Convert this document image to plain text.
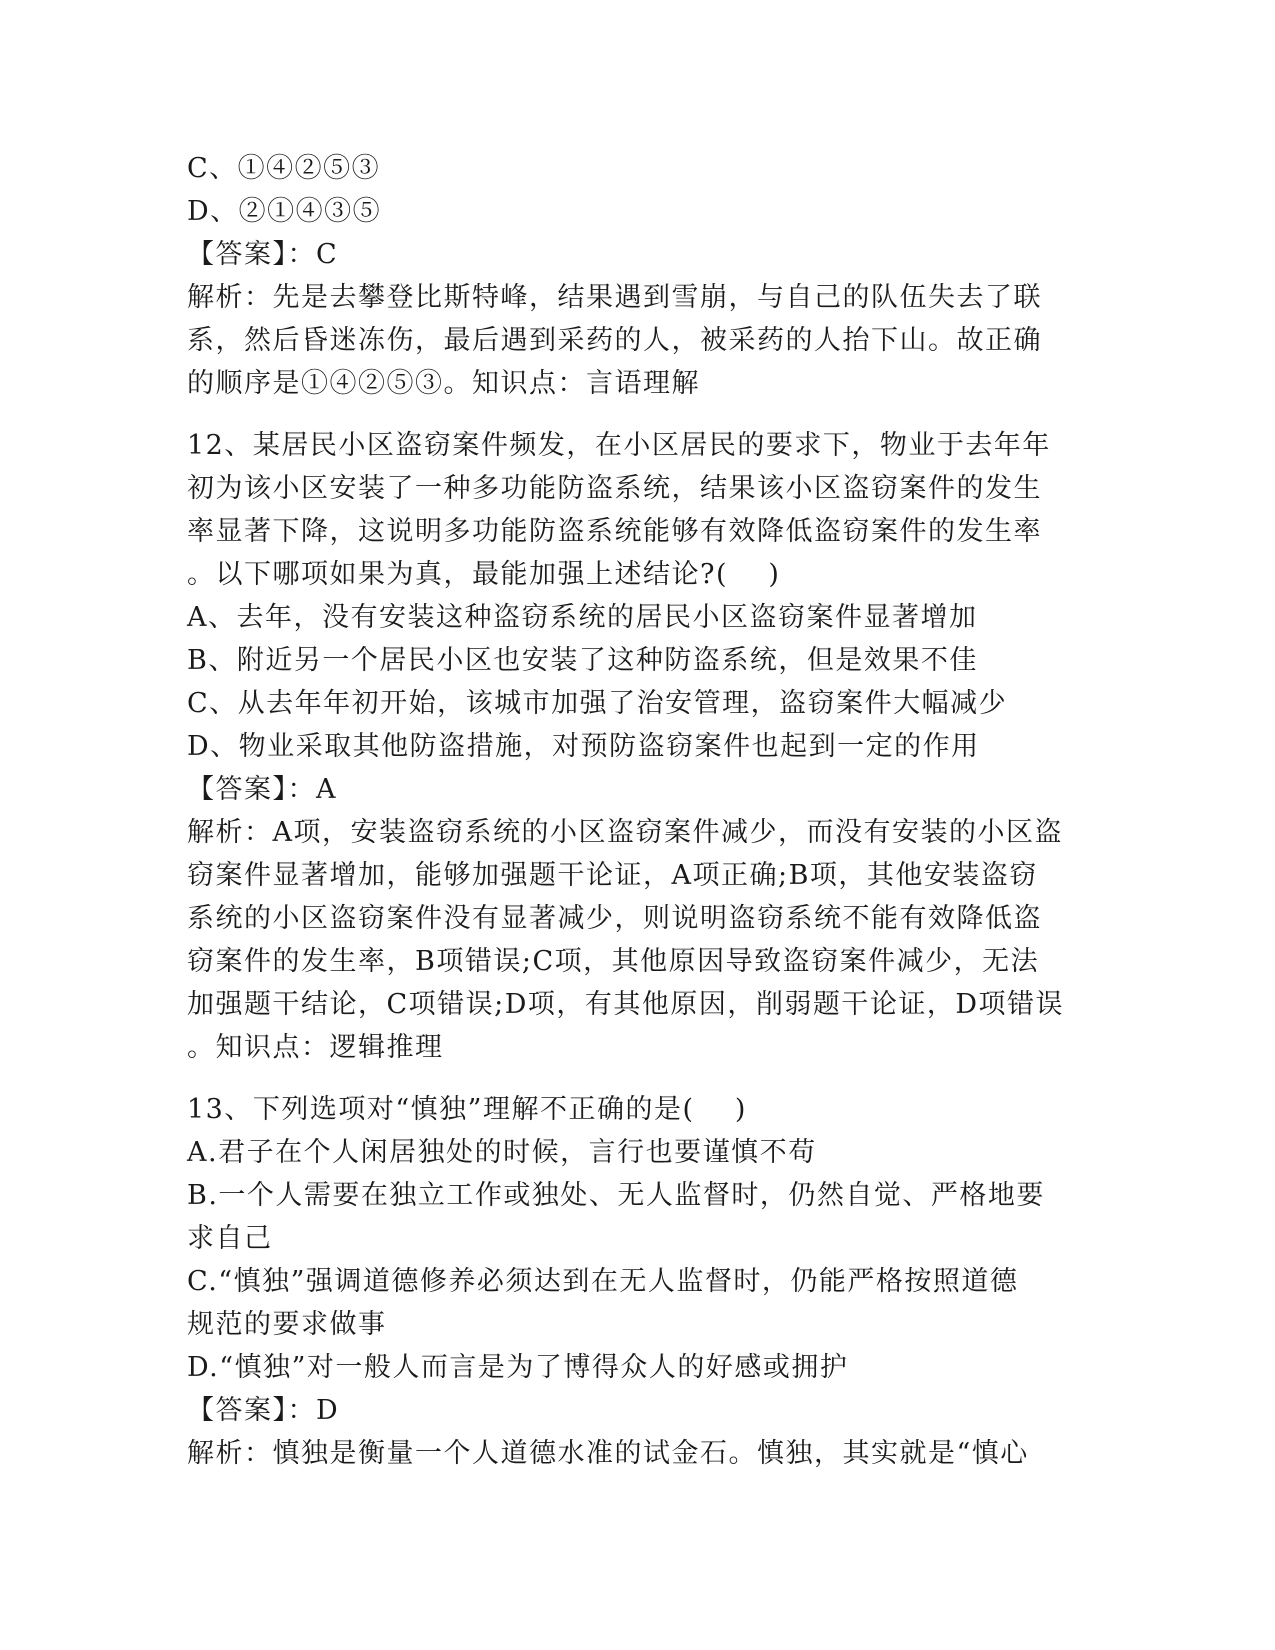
C、①④②⑤③
D、②①④③⑤
【答案】：C
解析：先是去攀登比斯特峰，结果遇到雪崩，与自己的队伍失去了联
系，然后昏迷冻伤，最后遇到采药的人，被采药的人抬下山。故正确
的顺序是①④②⑤③。知识点：言语理解
12、某居民小区盗窃案件频发，在小区居民的要求下，物业于去年年
初为该小区安装了一种多功能防盗系统，结果该小区盗窃案件的发生
率显著下降，这说明多功能防盗系统能够有效降低盗窃案件的发生率
。以下哪项如果为真，最能加强上述结论?(    )
A、去年，没有安装这种盗窃系统的居民小区盗窃案件显著增加
B、附近另一个居民小区也安装了这种防盗系统，但是效果不佳
C、从去年年初开始，该城市加强了治安管理，盗窃案件大幅减少
D、物业采取其他防盗措施，对预防盗窃案件也起到一定的作用
【答案】：A
解析：A项，安装盗窃系统的小区盗窃案件减少，而没有安装的小区盗
窃案件显著增加，能够加强题干论证，A项正确;B项，其他安装盗窃
系统的小区盗窃案件没有显著减少，则说明盗窃系统不能有效降低盗
窃案件的发生率，B项错误;C项，其他原因导致盗窃案件减少，无法
加强题干结论，C项错误;D项，有其他原因，削弱题干论证，D项错误
。知识点：逻辑推理
13、下列选项对“慎独”理解不正确的是(    )
A.君子在个人闲居独处的时候，言行也要谨慎不苟
B.一个人需要在独立工作或独处、无人监督时，仍然自觉、严格地要
求自己
C.“慎独”强调道德修养必须达到在无人监督时，仍能严格按照道德
规范的要求做事
D.“慎独”对一般人而言是为了博得众人的好感或拥护
【答案】：D
解析：慎独是衡量一个人道德水准的试金石。慎独，其实就是“慎心
